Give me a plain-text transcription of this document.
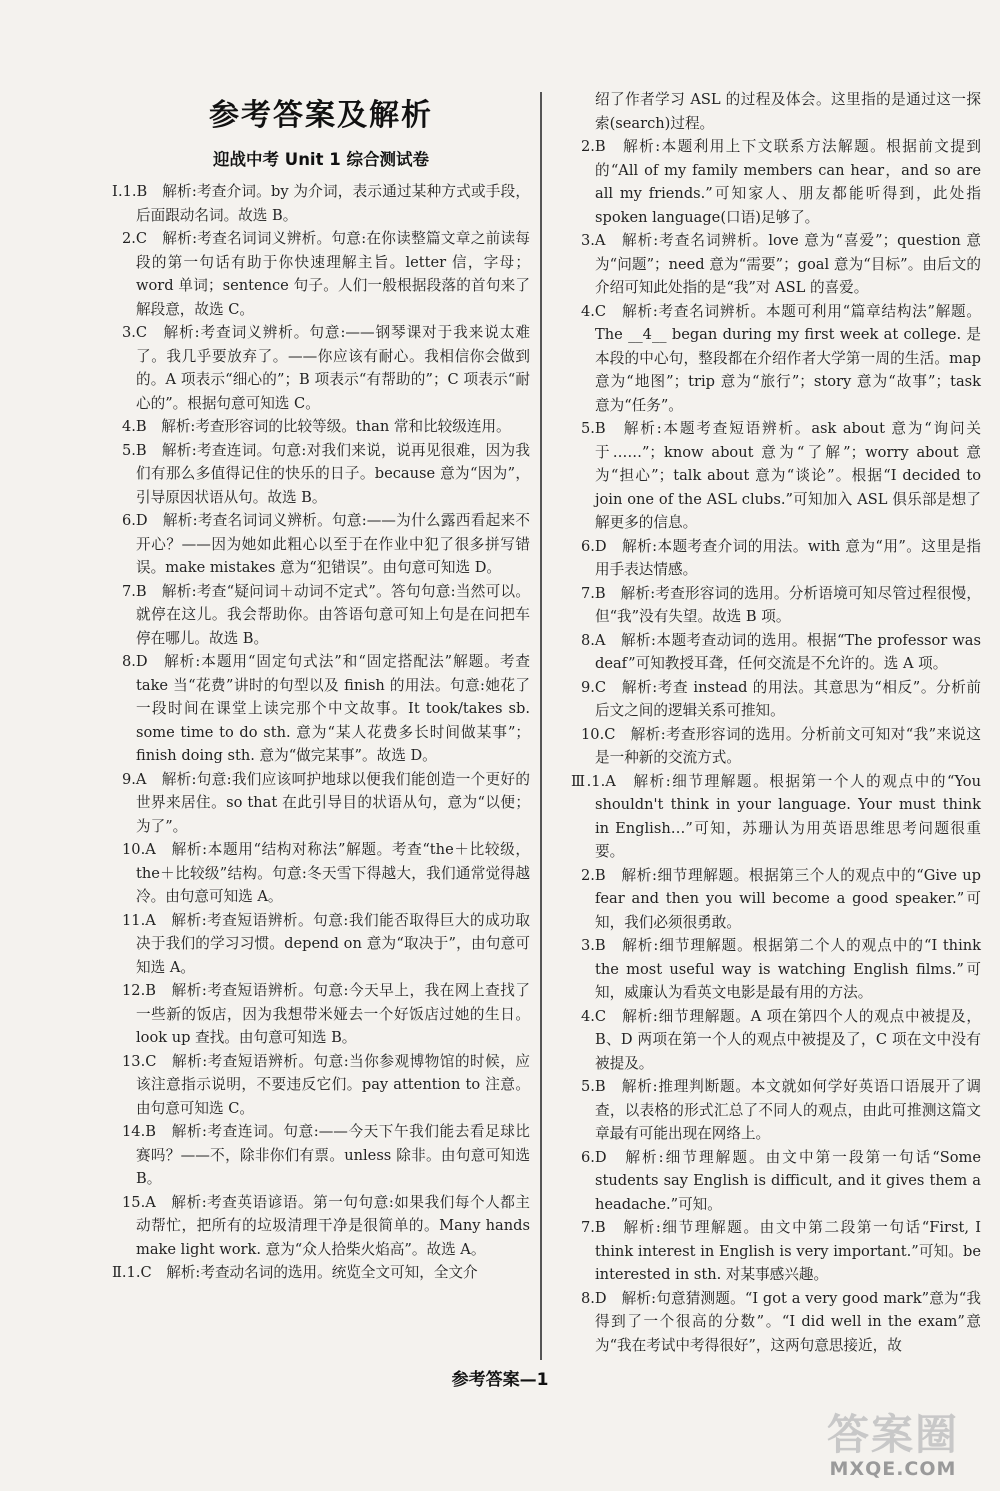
参考答案及解析
迎战中考 Unit 1 综合测试卷

Ⅰ.1.B　解析:考查介词。by 为介词，表示通过某种方式或手段，后面跟动名词。故选 B。

2.C　解析:考查名词词义辨析。句意:在你读整篇文章之前读每段的第一句话有助于你快速理解主旨。letter 信，字母；word 单词；sentence 句子。人们一般根据段落的首句来了解段意，故选 C。

3.C　解析:考查词义辨析。句意:——钢琴课对于我来说太难了。我几乎要放弃了。——你应该有耐心。我相信你会做到的。A 项表示“细心的”；B 项表示“有帮助的”；C 项表示“耐心的”。根据句意可知选 C。

4.B　解析:考查形容词的比较等级。than 常和比较级连用。

5.B　解析:考查连词。句意:对我们来说，说再见很难，因为我们有那么多值得记住的快乐的日子。because 意为“因为”，引导原因状语从句。故选 B。

6.D　解析:考查名词词义辨析。句意:——为什么露西看起来不开心？——因为她如此粗心以至于在作业中犯了很多拼写错误。make mistakes 意为“犯错误”。由句意可知选 D。

7.B　解析:考查“疑问词＋动词不定式”。答句句意:当然可以。就停在这儿。我会帮助你。由答语句意可知上句是在问把车停在哪儿。故选 B。

8.D　解析:本题用“固定句式法”和“固定搭配法”解题。考查 take 当“花费”讲时的句型以及 finish 的用法。句意:她花了一段时间在课堂上读完那个中文故事。It took/takes sb. some time to do sth. 意为“某人花费多长时间做某事”；finish doing sth. 意为“做完某事”。故选 D。

9.A　解析:句意:我们应该呵护地球以便我们能创造一个更好的世界来居住。so that 在此引导目的状语从句，意为“以便；为了”。

10.A　解析:本题用“结构对称法”解题。考查“the＋比较级，the＋比较级”结构。句意:冬天雪下得越大，我们通常觉得越冷。由句意可知选 A。

11.A　解析:考查短语辨析。句意:我们能否取得巨大的成功取决于我们的学习习惯。depend on 意为“取决于”，由句意可知选 A。

12.B　解析:考查短语辨析。句意:今天早上，我在网上查找了一些新的饭店，因为我想带米娅去一个好饭店过她的生日。look up 查找。由句意可知选 B。

13.C　解析:考查短语辨析。句意:当你参观博物馆的时候，应该注意指示说明，不要违反它们。pay attention to 注意。由句意可知选 C。

14.B　解析:考查连词。句意:——今天下午我们能去看足球比赛吗？——不，除非你们有票。unless 除非。由句意可知选 B。

15.A　解析:考查英语谚语。第一句句意:如果我们每个人都主动帮忙，把所有的垃圾清理干净是很简单的。Many hands make light work. 意为“众人拾柴火焰高”。故选 A。

Ⅱ.1.C　解析:考查动名词的选用。统览全文可知，全文介

绍了作者学习 ASL 的过程及体会。这里指的是通过这一探索(search)过程。

2.B　解析:本题利用上下文联系方法解题。根据前文提到的“All of my family members can hear，and so are all my friends.”可知家人、朋友都能听得到，此处指 spoken language(口语)足够了。

3.A　解析:考查名词辨析。love 意为“喜爱”；question 意为“问题”；need 意为“需要”；goal 意为“目标”。由后文的介绍可知此处指的是“我”对 ASL 的喜爱。

4.C　解析:考查名词辨析。本题可利用“篇章结构法”解题。The __4__ began during my first week at college. 是本段的中心句，整段都在介绍作者大学第一周的生活。map 意为“地图”；trip 意为“旅行”；story 意为“故事”；task 意为“任务”。

5.B　解析:本题考查短语辨析。ask about 意为“询问关于……”；know about 意为“了解”；worry about 意为“担心”；talk about 意为“谈论”。根据“I decided to join one of the ASL clubs.”可知加入 ASL 俱乐部是想了解更多的信息。

6.D　解析:本题考查介词的用法。with 意为“用”。这里是指用手表达情感。

7.B　解析:考查形容词的选用。分析语境可知尽管过程很慢，但“我”没有失望。故选 B 项。

8.A　解析:本题考查动词的选用。根据“The professor was deaf”可知教授耳聋，任何交流是不允许的。选 A 项。

9.C　解析:考查 instead 的用法。其意思为“相反”。分析前后文之间的逻辑关系可推知。

10.C　解析:考查形容词的选用。分析前文可知对“我”来说这是一种新的交流方式。

Ⅲ.1.A　解析:细节理解题。根据第一个人的观点中的“You shouldn't think in your language. Your must think in English…”可知，苏珊认为用英语思维思考问题很重要。

2.B　解析:细节理解题。根据第三个人的观点中的“Give up fear and then you will become a good speaker.”可知，我们必须很勇敢。

3.B　解析:细节理解题。根据第二个人的观点中的“I think the most useful way is watching English films.”可知，威廉认为看英文电影是最有用的方法。

4.C　解析:细节理解题。A 项在第四个人的观点中被提及，B、D 两项在第一个人的观点中被提及了，C 项在文中没有被提及。

5.B　解析:推理判断题。本文就如何学好英语口语展开了调查，以表格的形式汇总了不同人的观点，由此可推测这篇文章最有可能出现在网络上。

6.D　解析:细节理解题。由文中第一段第一句话“Some students say English is difficult, and it gives them a headache.”可知。

7.B　解析:细节理解题。由文中第二段第一句话“First, I think interest in English is very important.”可知。be interested in sth. 对某事感兴趣。

8.D　解析:句意猜测题。“I got a very good mark”意为“我得到了一个很高的分数”。“I did well in the exam”意为“我在考试中考得很好”，这两句意思接近，故

参考答案—1
答案圈
MXQE.COM
